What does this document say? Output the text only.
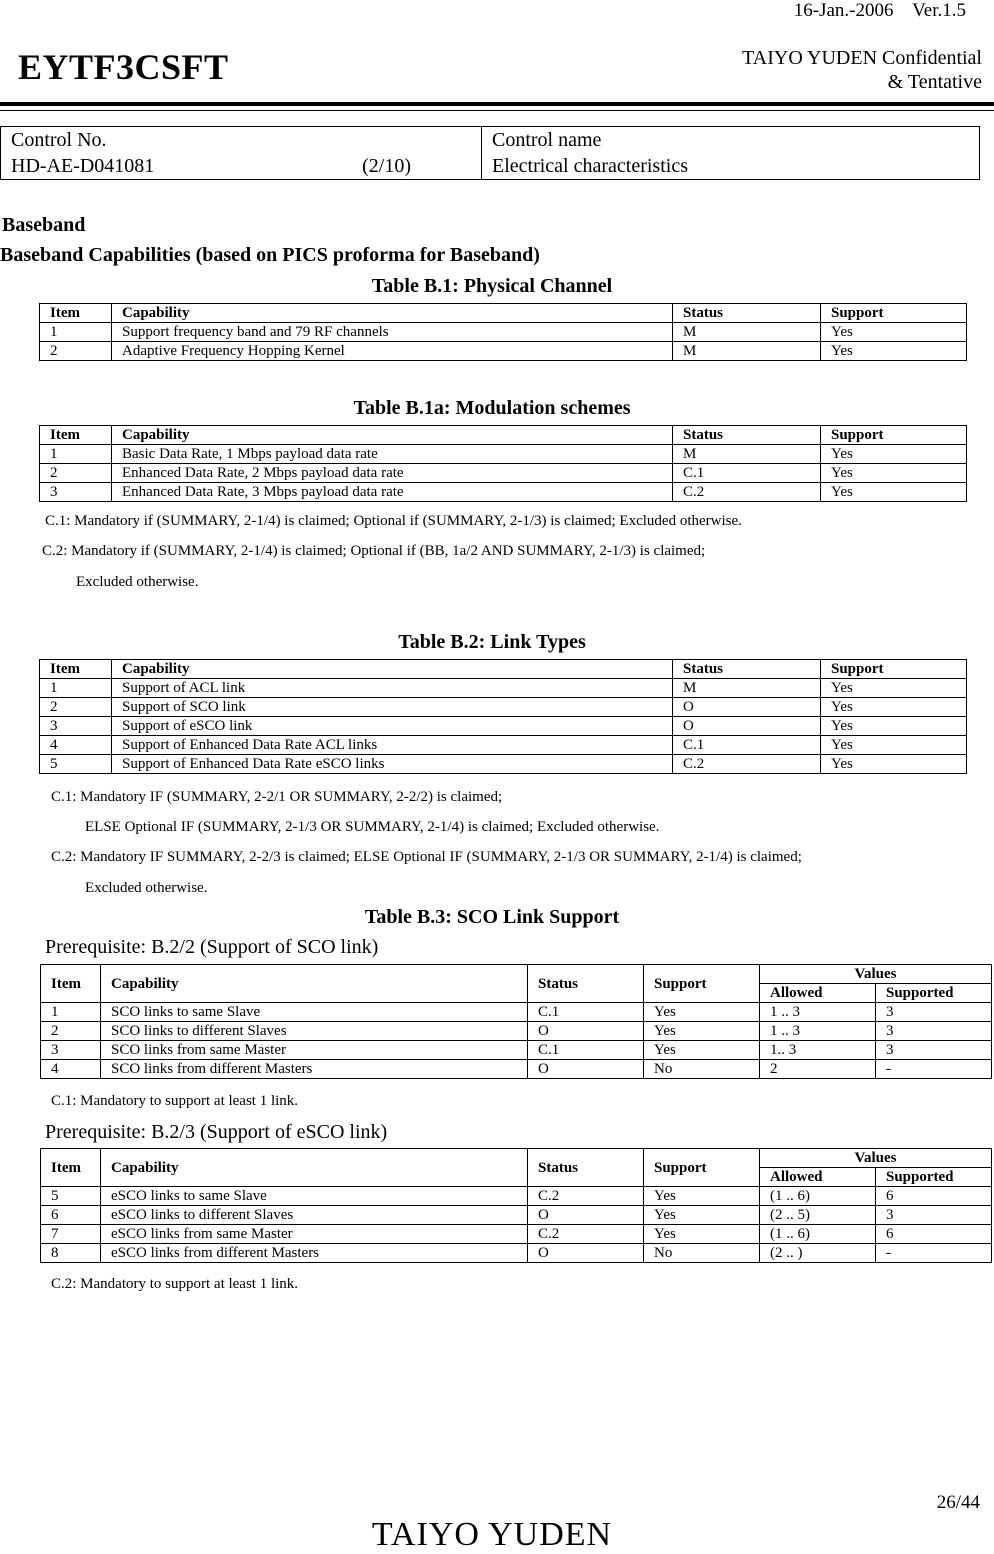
16-Jan.-2006    Ver.1.5
EYTF3CSFT	TAIYO YUDEN Confidential
& Tentative
Control No.
HD-AE-D041081	(2/10)

Control name
Electrical characteristics
Baseband
Baseband Capabilities (based on PICS proforma for Baseband)
Table B.1: Physical Channel
Item	Capability	Status	Support
1	Support frequency band and 79 RF channels	M	Yes
2	Adaptive Frequency Hopping Kernel	M	Yes
Table B.1a: Modulation schemes
Item	Capability	Status	Support
1	Basic Data Rate, 1 Mbps payload data rate	M	Yes
2	Enhanced Data Rate, 2 Mbps payload data rate	C.1	Yes
3	Enhanced Data Rate, 3 Mbps payload data rate	C.2	Yes
C.1: Mandatory if (SUMMARY, 2-1/4) is claimed; Optional if (SUMMARY, 2-1/3) is claimed; Excluded otherwise.
C.2: Mandatory if (SUMMARY, 2-1/4) is claimed; Optional if (BB, 1a/2 AND SUMMARY, 2-1/3) is claimed;
Excluded otherwise.
Table B.2: Link Types
Item	Capability	Status	Support
1	Support of ACL link	M	Yes
2	Support of SCO link	O	Yes
3	Support of eSCO link	O	Yes
4	Support of Enhanced Data Rate ACL links	C.1	Yes
5	Support of Enhanced Data Rate eSCO links	C.2	Yes
C.1: Mandatory IF (SUMMARY, 2-2/1 OR SUMMARY, 2-2/2) is claimed;
ELSE Optional IF (SUMMARY, 2-1/3 OR SUMMARY, 2-1/4) is claimed; Excluded otherwise.
C.2: Mandatory IF SUMMARY, 2-2/3 is claimed; ELSE Optional IF (SUMMARY, 2-1/3 OR SUMMARY, 2-1/4) is claimed;
Excluded otherwise.
Table B.3: SCO Link Support
Prerequisite: B.2/2 (Support of SCO link)
Item	Capability	Status	Support	Values	
				Allowed	Supported
1	SCO links to same Slave	C.1	Yes	1 .. 3	3
2	SCO links to different Slaves	O	Yes	1 .. 3	3
3	SCO links from same Master	C.1	Yes	1.. 3	3
4	SCO links from different Masters	O	No	2	-
C.1: Mandatory to support at least 1 link.
Prerequisite: B.2/3 (Support of eSCO link)
Item	Capability	Status	Support	Values	
				Allowed	Supported
5	eSCO links to same Slave	C.2	Yes	(1 .. 6)	6
6	eSCO links to different Slaves	O	Yes	(2 .. 5)	3
7	eSCO links from same Master	C.2	Yes	(1 .. 6)	6
8	eSCO links from different Masters	O	No	(2 .. )	-
C.2: Mandatory to support at least 1 link.
26/44
TAIYO YUDEN
